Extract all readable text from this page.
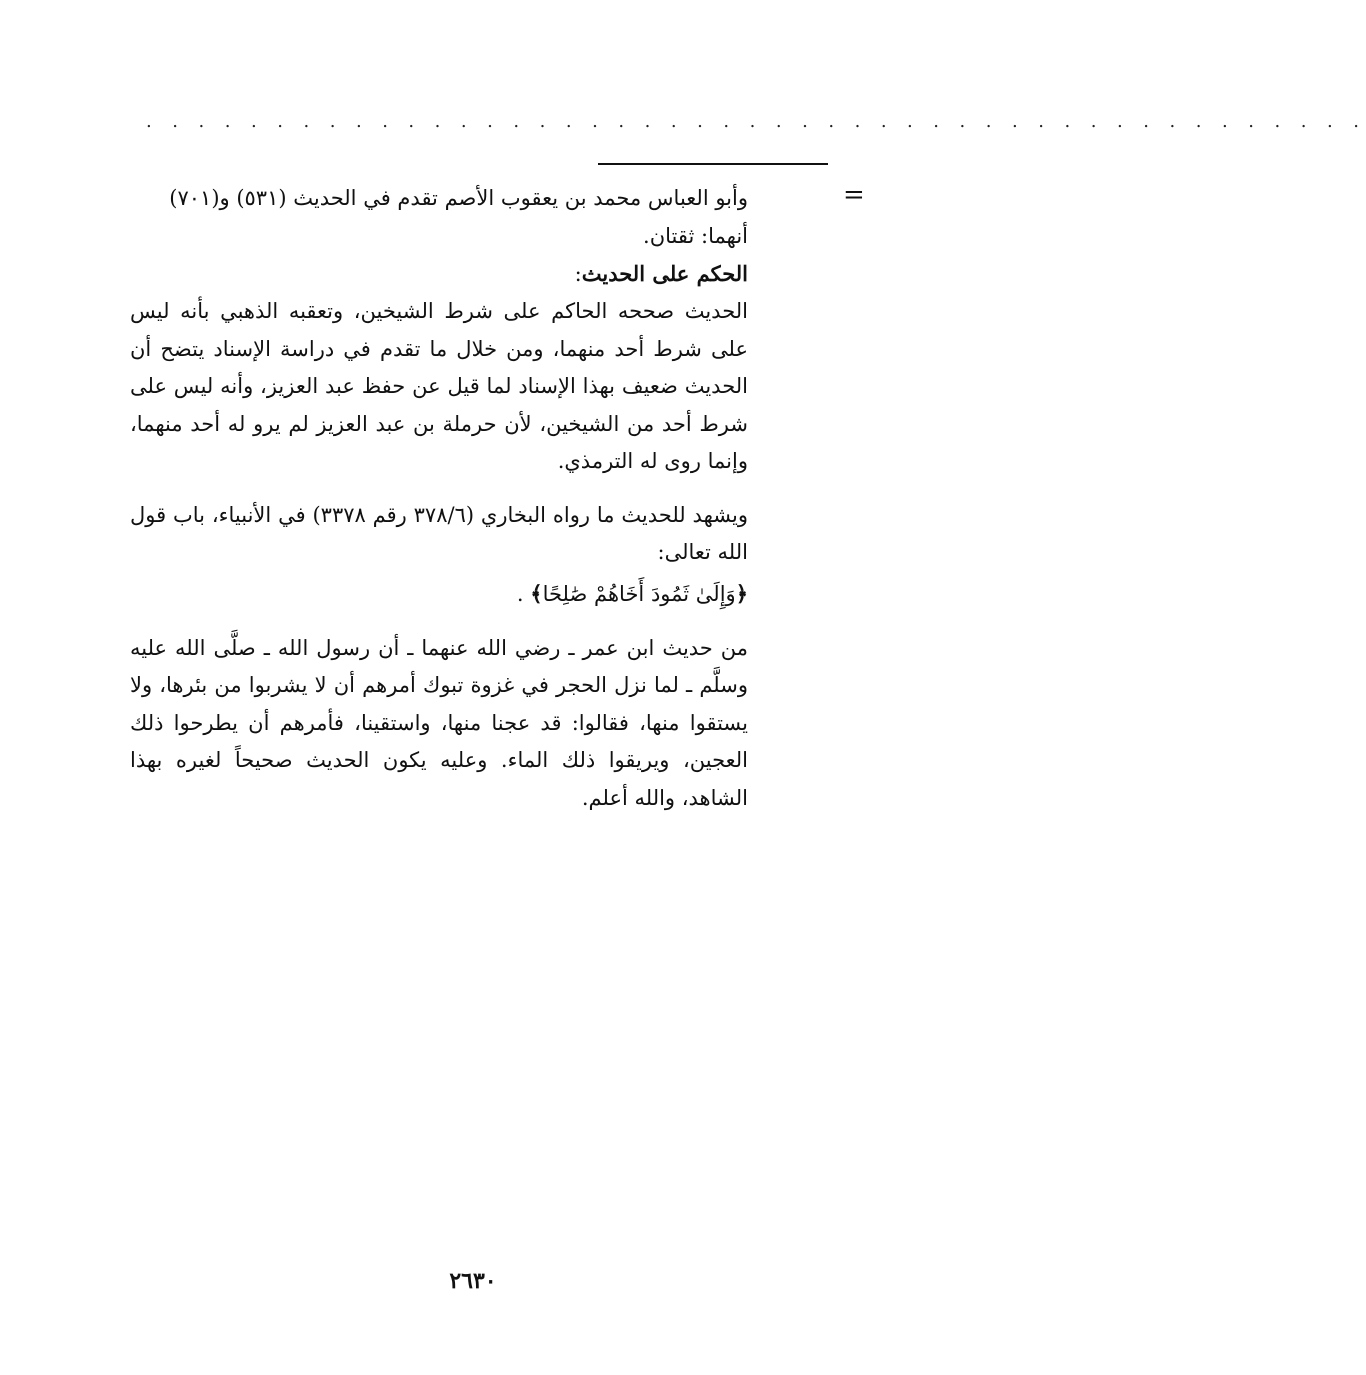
. . . . . . . . . . . . . . . . . . . . . . . . . . . . . . . . . . . . . . . . . . . . . . .
=

وأبو العباس محمد بن يعقوب الأصم تقدم في الحديث (٥٣١) و(٧٠١)

أنهما: ثقتان.

الحكم على الحديث:

الحديث صححه الحاكم على شرط الشيخين، وتعقبه الذهبي بأنه ليس على شرط أحد منهما، ومن خلال ما تقدم في دراسة الإسناد يتضح أن الحديث ضعيف بهذا الإسناد لما قيل عن حفظ عبد العزيز، وأنه ليس على شرط أحد من الشيخين، لأن حرملة بن عبد العزيز لم يرو له أحد منهما، وإنما روى له الترمذي.

ويشهد للحديث ما رواه البخاري (٣٧٨/٦ رقم ٣٣٧٨) في الأنبياء، باب قول الله تعالى:

﴿وَإِلَىٰ ثَمُودَ أَخَاهُمْ صَٰلِحًا﴾ .

من حديث ابن عمر ـ رضي الله عنهما ـ أن رسول الله ـ صلَّى الله عليه وسلَّم ـ لما نزل الحجر في غزوة تبوك أمرهم أن لا يشربوا من بئرها، ولا يستقوا منها، فقالوا: قد عجنا منها، واستقينا، فأمرهم أن يطرحوا ذلك العجين، ويريقوا ذلك الماء. وعليه يكون الحديث صحيحاً لغيره بهذا الشاهد، والله أعلم.

٢٦٣٠
